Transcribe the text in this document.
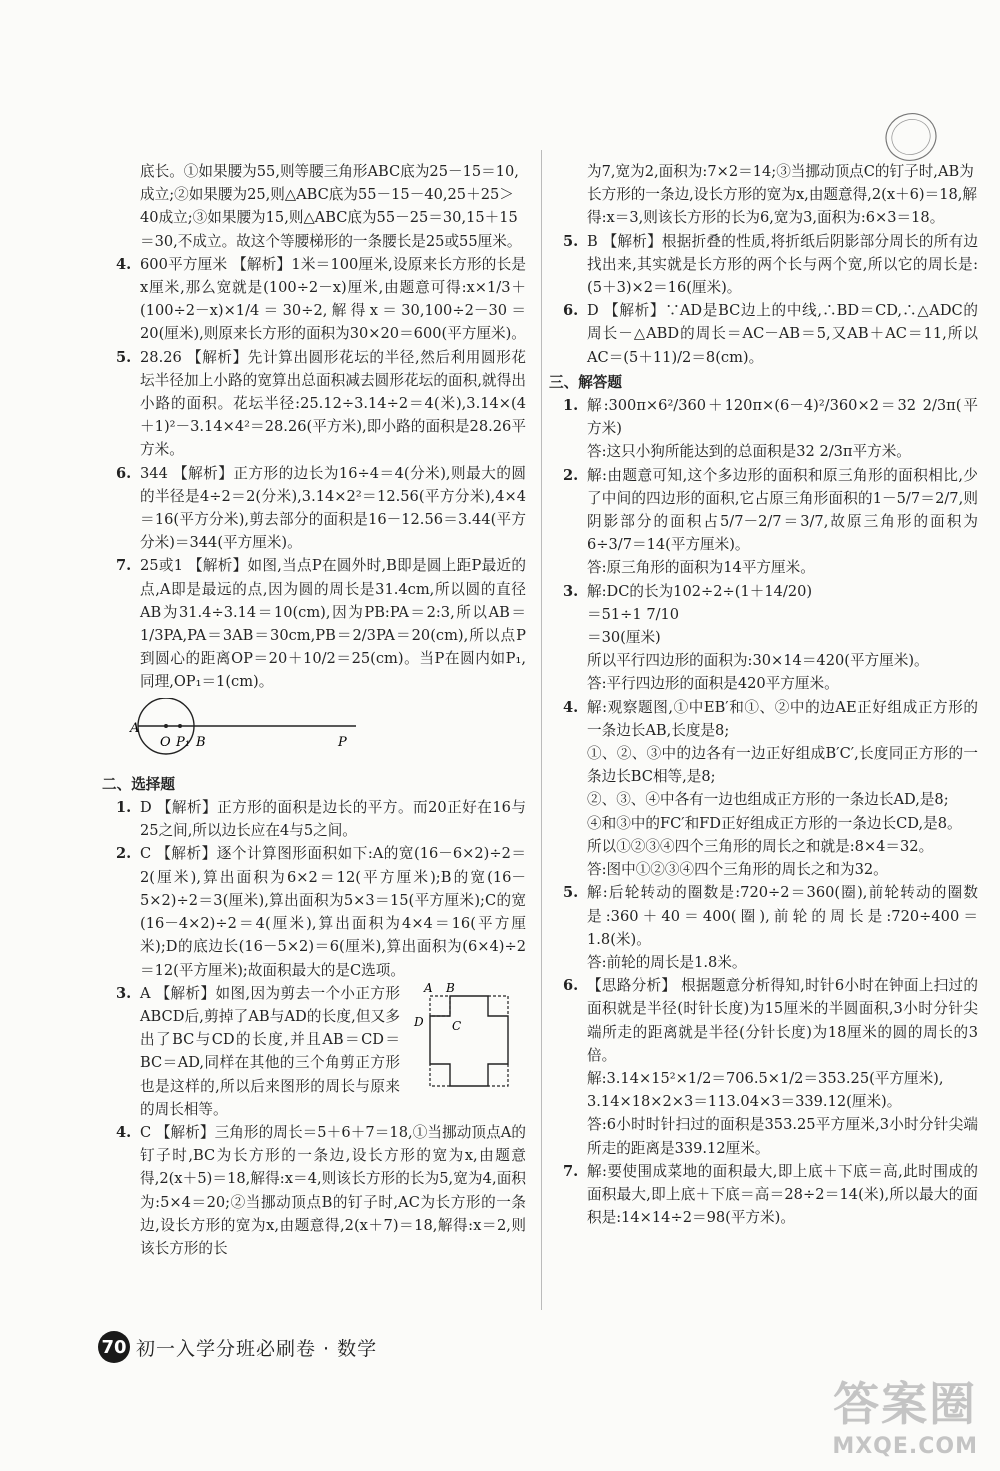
底长。①如果腰为55,则等腰三角形ABC底为25－15＝10,成立;②如果腰为25,则△ABC底为55－15－40,25＋25＞40成立;③如果腰为15,则△ABC底为55－25＝30,15＋15＝30,不成立。故这个等腰梯形的一条腰长是25或55厘米。

4. 600平方厘米 【解析】1米＝100厘米,设原来长方形的长是x厘米,那么宽就是(100÷2－x)厘米,由题意可得:x×1/3＋(100÷2－x)×1/4＝30÷2,解得x＝30,100÷2－30＝20(厘米),则原来长方形的面积为30×20＝600(平方厘米)。
5. 28.26 【解析】先计算出圆形花坛的半径,然后利用圆形花坛半径加上小路的宽算出总面积减去圆形花坛的面积,就得出小路的面积。花坛半径:25.12÷3.14÷2＝4(米),3.14×(4＋1)²－3.14×4²＝28.26(平方米),即小路的面积是28.26平方米。
6. 344 【解析】正方形的边长为16÷4＝4(分米),则最大的圆的半径是4÷2＝2(分米),3.14×2²＝12.56(平方分米),4×4＝16(平方分米),剪去部分的面积是16－12.56＝3.44(平方分米)＝344(平方厘米)。
7. 25或1 【解析】如图,当点P在圆外时,B即是圆上距P最近的点,A即是最远的点,因为圆的周长是31.4cm,所以圆的直径AB为31.4÷3.14＝10(cm),因为PB:PA＝2:3,所以AB＝1/3PA,PA＝3AB＝30cm,PB＝2/3PA＝20(cm),所以点P到圆心的距离OP＝20＋10/2＝25(cm)。当P在圆内如P₁,同理,OP₁＝1(cm)。
A
O P₁ B	P

二、选择题

1. D 【解析】正方形的面积是边长的平方。而20正好在16与25之间,所以边长应在4与5之间。
2. C 【解析】逐个计算图形面积如下:A的宽(16－6×2)÷2＝2(厘米),算出面积为6×2＝12(平方厘米);B的宽(16－5×2)÷2＝3(厘米),算出面积为5×3＝15(平方厘米);C的宽(16－4×2)÷2＝4(厘米),算出面积为4×4＝16(平方厘米);D的底边长(16－5×2)＝6(厘米),算出面积为(6×4)÷2＝12(平方厘米);故面积最大的是C选项。
3.	A B
C
D
A 【解析】如图,因为剪去一个小正方形ABCD后,剪掉了AB与AD的长度,但又多出了BC与CD的长度,并且AB＝CD＝BC＝AD,同样在其他的三个角剪正方形也是这样的,所以后来图形的周长与原来的周长相等。
4. C 【解析】三角形的周长＝5＋6＋7＝18,①当挪动顶点A的钉子时,BC为长方形的一条边,设长方形的宽为x,由题意得,2(x＋5)＝18,解得:x＝4,则该长方形的长为5,宽为4,面积为:5×4＝20;②当挪动顶点B的钉子时,AC为长方形的一条边,设长方形的宽为x,由题意得,2(x＋7)＝18,解得:x＝2,则该长方形的长

为7,宽为2,面积为:7×2＝14;③当挪动顶点C的钉子时,AB为长方形的一条边,设长方形的宽为x,由题意得,2(x＋6)＝18,解得:x＝3,则该长方形的长为6,宽为3,面积为:6×3＝18。

5. B 【解析】根据折叠的性质,将折纸后阴影部分周长的所有边找出来,其实就是长方形的两个长与两个宽,所以它的周长是:(5＋3)×2＝16(厘米)。
6. D 【解析】∵AD是BC边上的中线,∴BD＝CD,∴△ADC的周长－△ABD的周长＝AC－AB＝5,又AB＋AC＝11,所以AC＝(5＋11)/2＝8(cm)。

三、解答题

1. 解:300π×6²/360＋120π×(6－4)²/360×2＝32 2/3π(平方米)
答:这只小狗所能达到的总面积是32 2/3π平方米。
2. 解:由题意可知,这个多边形的面积和原三角形的面积相比,少了中间的四边形的面积,它占原三角形面积的1－5/7＝2/7,则阴影部分的面积占5/7－2/7＝3/7,故原三角形的面积为6÷3/7＝14(平方厘米)。
答:原三角形的面积为14平方厘米。
3. 解:DC的长为102÷2÷(1＋14/20)
＝51÷1 7/10
＝30(厘米)
所以平行四边形的面积为:30×14＝420(平方厘米)。
答:平行四边形的面积是420平方厘米。
4. 解:观察题图,①中EB′和①、②中的边AE正好组成正方形的一条边长AB,长度是8;
①、②、③中的边各有一边正好组成B′C′,长度同正方形的一条边长BC相等,是8;
②、③、④中各有一边也组成正方形的一条边长AD,是8;
④和③中的FC′和FD正好组成正方形的一条边长CD,是8。
所以①②③④四个三角形的周长之和就是:8×4＝32。
答:图中①②③④四个三角形的周长之和为32。
5. 解:后轮转动的圈数是:720÷2＝360(圈),前轮转动的圈数是:360＋40＝400(圈),前轮的周长是:720÷400＝1.8(米)。
答:前轮的周长是1.8米。
6. 【思路分析】 根据题意分析得知,时针6小时在钟面上扫过的面积就是半径(时针长度)为15厘米的半圆面积,3小时分针尖端所走的距离就是半径(分针长度)为18厘米的圆的周长的3倍。
解:3.14×15²×1/2＝706.5×1/2＝353.25(平方厘米),
3.14×18×2×3＝113.04×3＝339.12(厘米)。
答:6小时时针扫过的面积是353.25平方厘米,3小时分针尖端所走的距离是339.12厘米。
7. 解:要使围成菜地的面积最大,即上底＋下底＝高,此时围成的面积最大,即上底＋下底＝高＝28÷2＝14(米),所以最大的面积是:14×14÷2＝98(平方米)。
70 初一入学分班必刷卷 · 数学
答案圈
MXQE.COM
